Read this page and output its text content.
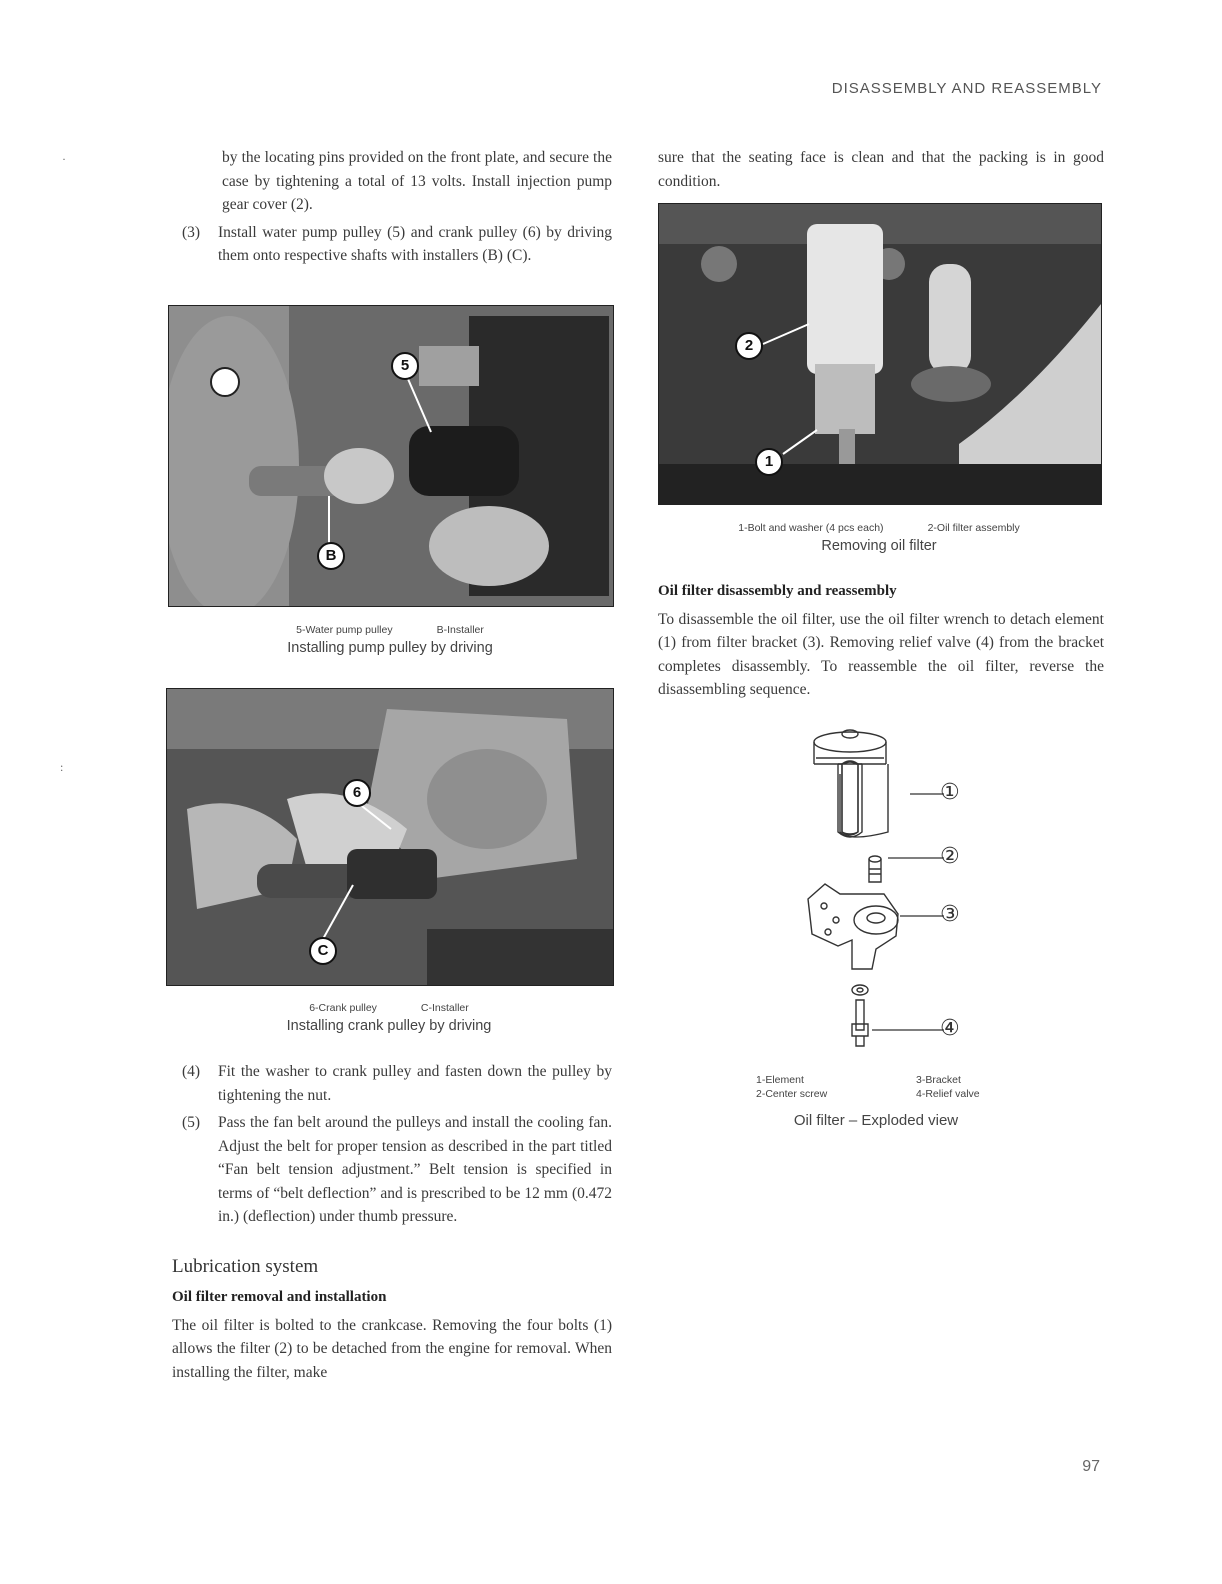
DISASSEMBLY AND REASSEMBLY
·
:

by the locating pins provided on the front plate, and secure the case by tightening a total of 13 volts. Install injection pump gear cover (2).

(3)	Install water pump pulley (5) and crank pulley (6) by driving them onto respective shafts with installers (B) (C).
5
B
5-Water pump pulley	B-Installer
Installing pump pulley by driving
6
C
6-Crank pulley	C-Installer
Installing crank pulley by driving
(4)	Fit the washer to crank pulley and fasten down the pulley by tightening the nut.
(5)	Pass the fan belt around the pulleys and install the cooling fan. Adjust the belt for proper tension as described in the part titled “Fan belt tension adjustment.” Belt tension is specified in terms of “belt deflection” and is prescribed to be 12 mm (0.472 in.) (deflection) under thumb pressure.
Lubrication system
Oil filter removal and installation

The oil filter is bolted to the crankcase. Removing the four bolts (1) allows the filter (2) to be detached from the engine for removal. When installing the filter, make

sure that the seating face is clean and that the packing is in good condition.

2
1
1-Bolt and washer (4 pcs each)	2-Oil filter assembly
Removing oil filter
Oil filter disassembly and reassembly

To disassemble the oil filter, use the oil filter wrench to detach element (1) from filter bracket (3). Removing relief valve (4) from the bracket completes disassembly. To reassemble the oil filter, reverse the disassembling sequence.

①
②
③
④
1-Element	3-Bracket
2-Center screw	4-Relief valve
Oil filter – Exploded view
97
